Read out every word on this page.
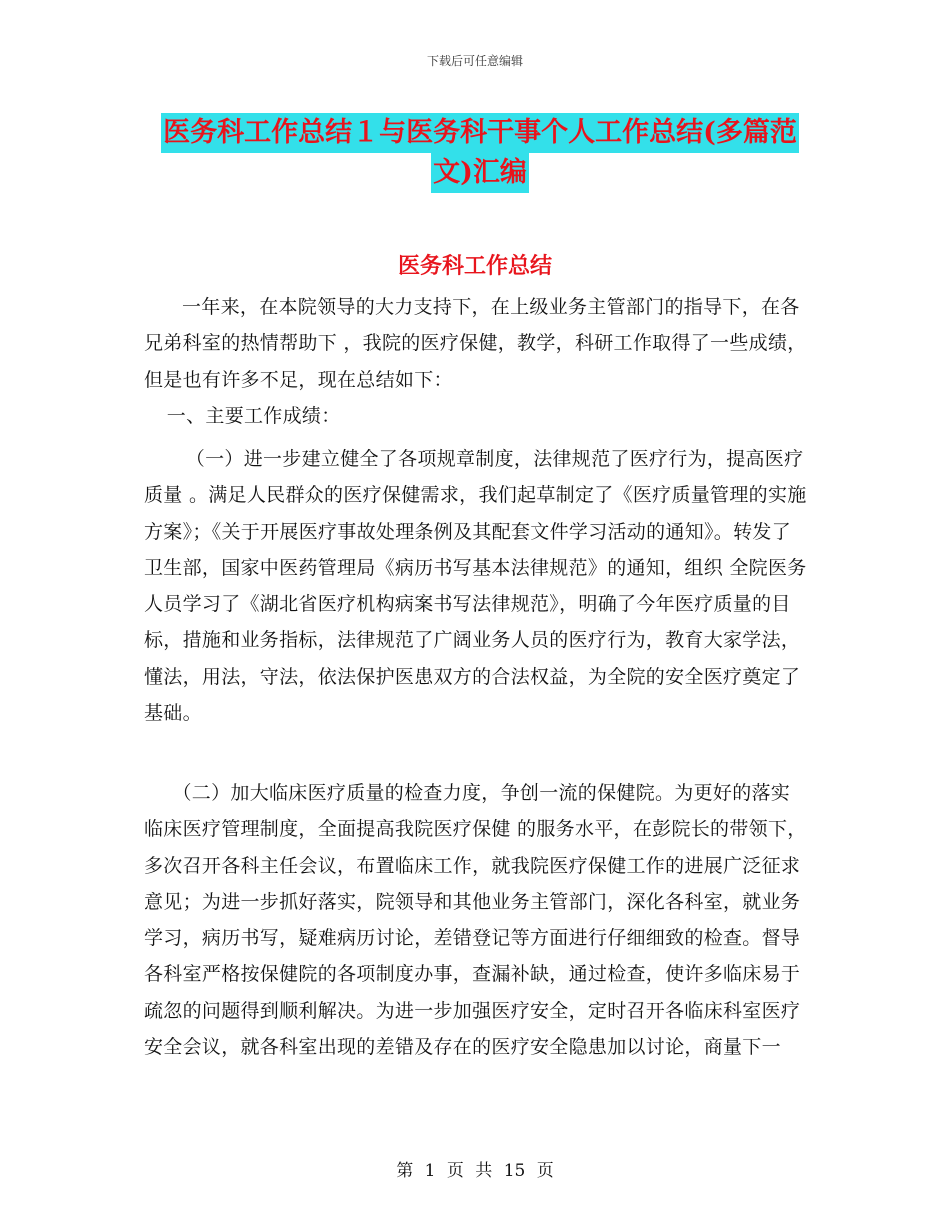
下载后可任意编辑
医务科工作总结１与医务科干事个人工作总结(多篇范
文)汇编
医务科工作总结

一年来，在本院领导的大力支持下，在上级业务主管部门的指导下，在各兄弟科室的热情帮助下 ，我院的医疗保健，教学，科研工作取得了一些成绩，但是也有许多不足，现在总结如下：

一、主要工作成绩：

（一）进一步建立健全了各项规章制度，法律规范了医疗行为，提高医疗质量 。满足人民群众的医疗保健需求，我们起草制定了《医疗质量管理的实施方案》；《关于开展医疗事故处理条例及其配套文件学习活动的通知》。转发了卫生部，国家中医药管理局《病历书写基本法律规范》的通知，组织 全院医务人员学习了《湖北省医疗机构病案书写法律规范》，明确了今年医疗质量的目标，措施和业务指标，法律规范了广阔业务人员的医疗行为，教育大家学法，懂法，用法，守法，依法保护医患双方的合法权益，为全院的安全医疗奠定了基础。

（二）加大临床医疗质量的检查力度，争创一流的保健院。为更好的落实临床医疗管理制度，全面提高我院医疗保健 的服务水平，在彭院长的带领下，多次召开各科主任会议，布置临床工作，就我院医疗保健工作的进展广泛征求意见；为进一步抓好落实，院领导和其他业务主管部门，深化各科室，就业务学习，病历书写，疑难病历讨论，差错登记等方面进行仔细细致的检查。督导各科室严格按保健院的各项制度办事，查漏补缺，通过检查，使许多临床易于疏忽的问题得到顺利解决。为进一步加强医疗安全，定时召开各临床科室医疗安全会议，就各科室出现的差错及存在的医疗安全隐患加以讨论，商量下一

第 1 页 共 15 页
